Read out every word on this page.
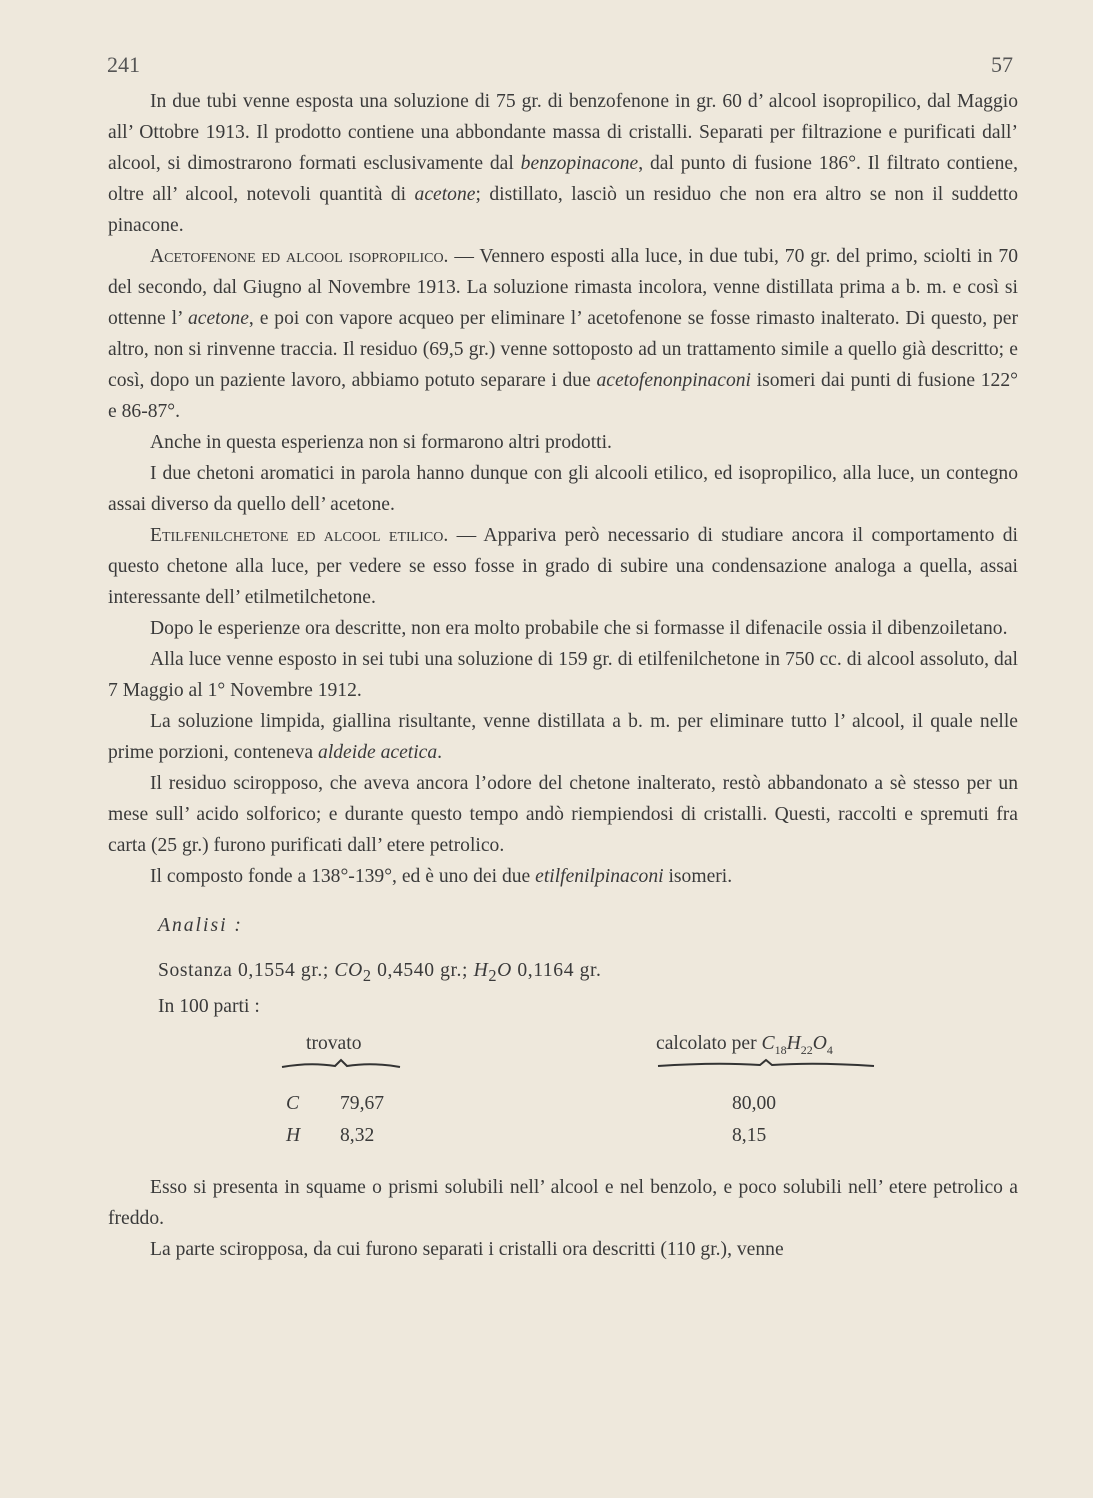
241	57

In due tubi venne esposta una soluzione di 75 gr. di benzofenone in gr. 60 d’ alcool isopropilico, dal Maggio all’ Ottobre 1913. Il prodotto contiene una abbondante massa di cristalli. Separati per filtrazione e purificati dall’ alcool, si dimostrarono formati esclusivamente dal benzopinacone, dal punto di fusione 186°. Il filtrato contiene, oltre all’ alcool, notevoli quantità di acetone; distillato, lasciò un residuo che non era altro se non il suddetto pinacone.

Acetofenone ed alcool isopropilico. — Vennero esposti alla luce, in due tubi, 70 gr. del primo, sciolti in 70 del secondo, dal Giugno al Novembre 1913. La soluzione rimasta incolora, venne distillata prima a b. m. e così si ottenne l’ acetone, e poi con vapore acqueo per eliminare l’ acetofenone se fosse rimasto inalterato. Di questo, per altro, non si rinvenne traccia. Il residuo (69,5 gr.) venne sottoposto ad un trattamento simile a quello già descritto; e così, dopo un paziente lavoro, abbiamo potuto separare i due acetofenonpinaconi isomeri dai punti di fusione 122° e 86-87°.

Anche in questa esperienza non si formarono altri prodotti.

I due chetoni aromatici in parola hanno dunque con gli alcooli etilico, ed isopropilico, alla luce, un contegno assai diverso da quello dell’ acetone.

Etilfenilchetone ed alcool etilico. — Appariva però necessario di studiare ancora il comportamento di questo chetone alla luce, per vedere se esso fosse in grado di subire una condensazione analoga a quella, assai interessante dell’ etilmetilchetone.

Dopo le esperienze ora descritte, non era molto probabile che si formasse il difenacile ossia il dibenzoiletano.

Alla luce venne esposto in sei tubi una soluzione di 159 gr. di etilfenilchetone in 750 cc. di alcool assoluto, dal 7 Maggio al 1° Novembre 1912.

La soluzione limpida, giallina risultante, venne distillata a b. m. per eliminare tutto l’ alcool, il quale nelle prime porzioni, conteneva aldeide acetica.

Il residuo sciropposo, che aveva ancora l’odore del chetone inalterato, restò abbandonato a sè stesso per un mese sull’ acido solforico; e durante questo tempo andò riempiendosi di cristalli. Questi, raccolti e spremuti fra carta (25 gr.) furono purificati dall’ etere petrolico.

Il composto fonde a 138°-139°, ed è uno dei due etilfenilpinaconi isomeri.

Analisi :
Sostanza 0,1554 gr.; $CO_2$ 0,4540 gr.; $H_2O$ 0,1164 gr.
In 100 parti :
trovato	calcolato per $C_{18}H_{22}O_4$
C 79,67	80,00
H 8,32	8,15

Esso si presenta in squame o prismi solubili nell’ alcool e nel benzolo, e poco solubili nell’ etere petrolico a freddo.

La parte sciropposa, da cui furono separati i cristalli ora descritti (110 gr.), venne
